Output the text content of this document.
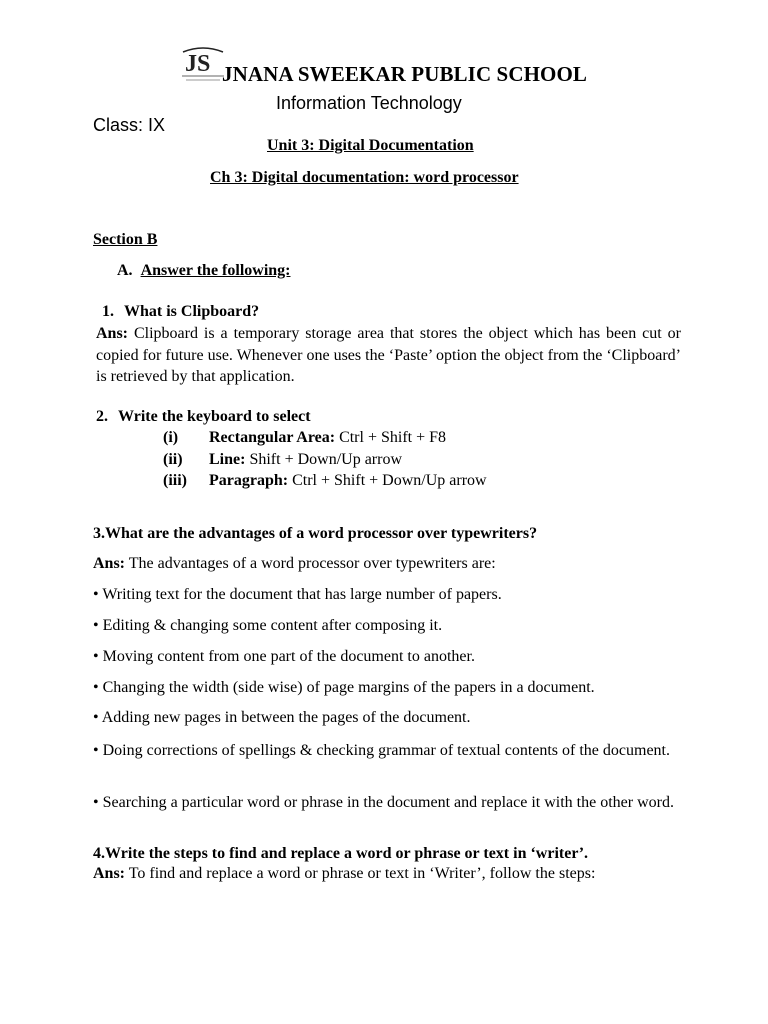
JS JNANA SWEEKAR PUBLIC SCHOOL
Information Technology
Class: IX
Unit 3: Digital Documentation
Ch 3: Digital documentation: word processor
Section B
A. Answer the following:
1. What is Clipboard?
Ans: Clipboard is a temporary storage area that stores the object which has been cut or copied for future use. Whenever one uses the ‘Paste’ option the object from the ‘Clipboard’ is retrieved by that application.
2. Write the keyboard to select
(i) Rectangular Area: Ctrl + Shift + F8
(ii) Line: Shift + Down/Up arrow
(iii) Paragraph: Ctrl + Shift + Down/Up arrow
3.What are the advantages of a word processor over typewriters?
Ans: The advantages of a word processor over typewriters are:
• Writing text for the document that has large number of papers.
• Editing & changing some content after composing it.
• Moving content from one part of the document to another.
• Changing the width (side wise) of page margins of the papers in a document.
• Adding new pages in between the pages of the document.
• Doing corrections of spellings & checking grammar of textual contents of the document.
• Searching a particular word or phrase in the document and replace it with the other word.
4.Write the steps to find and replace a word or phrase or text in ‘writer’.
Ans: To find and replace a word or phrase or text in ‘Writer’, follow the steps:
